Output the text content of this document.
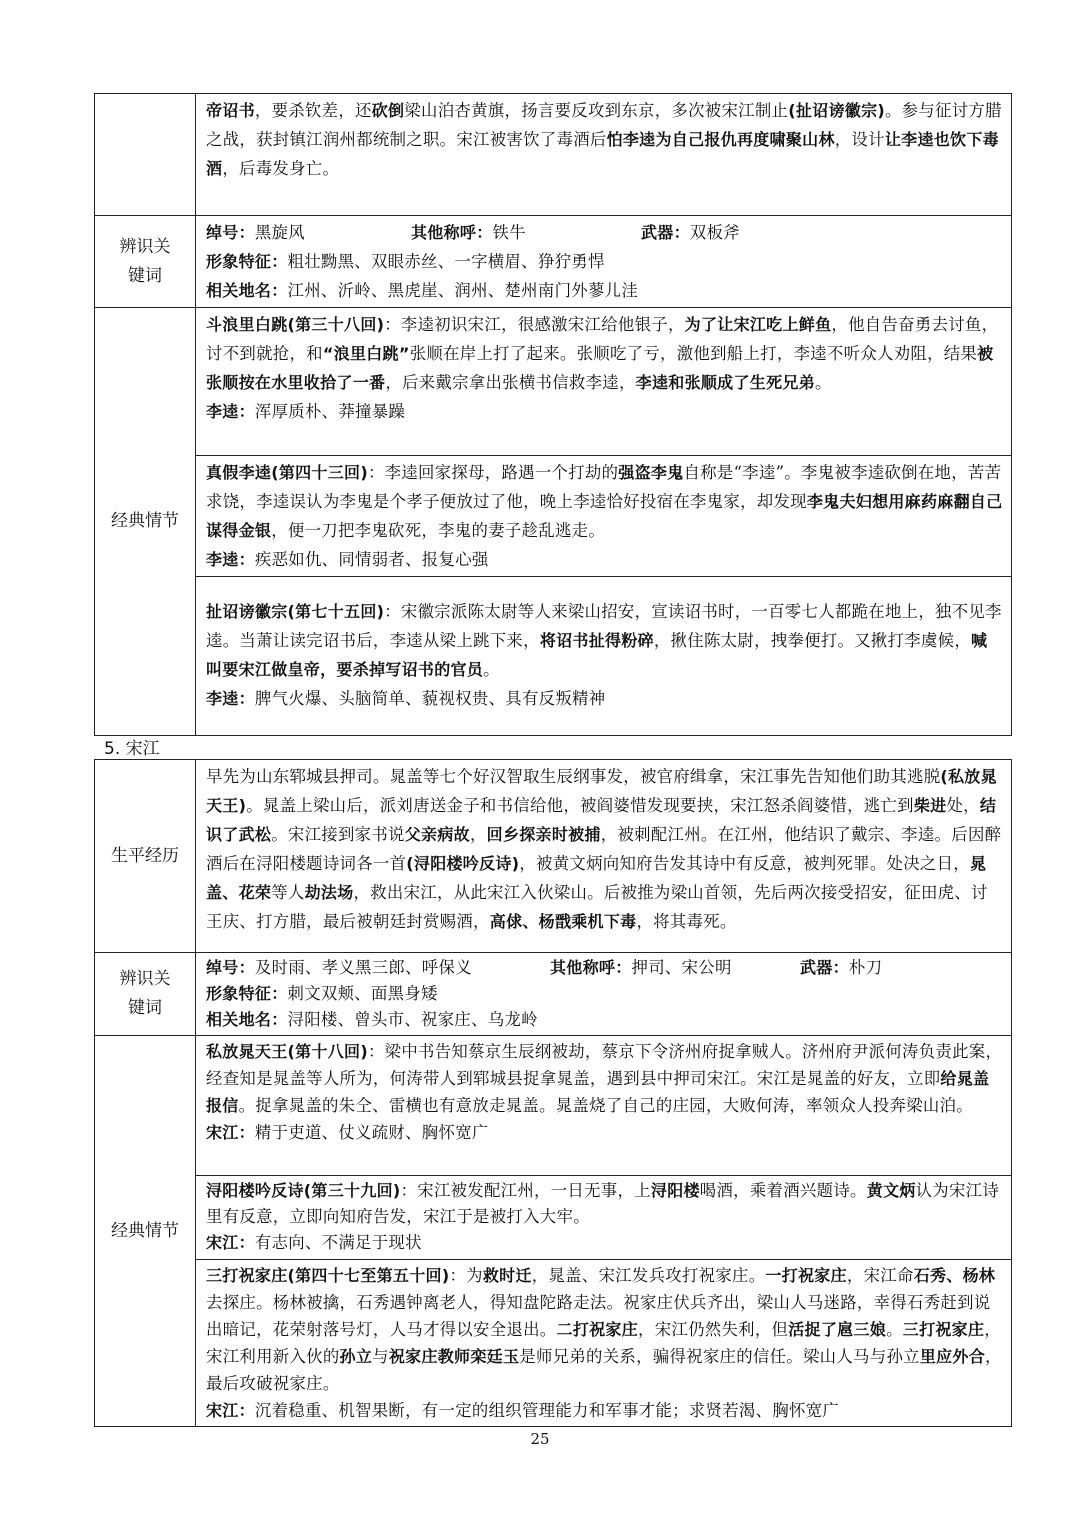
	帝诏书，要杀钦差，还砍倒梁山泊杏黄旗，扬言要反攻到东京，多次被宋江制止(扯诏谤徽宗)。参与征讨方腊之战，获封镇江润州都统制之职。宋江被害饮了毒酒后怕李逵为自己报仇再度啸聚山林，设计让李逵也饮下毒酒，后毒发身亡。
辨识关键词	绰号：黑旋风 其他称呼：铁牛 武器：双板斧
形象特征：粗壮黝黑、双眼赤丝、一字横眉、狰狞勇悍
相关地名：江州、沂岭、黑虎崖、润州、楚州南门外蓼儿洼

经典情节	斗浪里白跳(第三十八回)：李逵初识宋江，很感激宋江给他银子，为了让宋江吃上鲜鱼，他自告奋勇去讨鱼，讨不到就抢，和“浪里白跳”张顺在岸上打了起来。张顺吃了亏，激他到船上打，李逵不听众人劝阻，结果被张顺按在水里收拾了一番，后来戴宗拿出张横书信救李逵，李逵和张顺成了生死兄弟。
李逵：浑厚质朴、莽撞暴躁

	真假李逵(第四十三回)：李逵回家探母，路遇一个打劫的强盗李鬼自称是“李逵”。李鬼被李逵砍倒在地，苦苦求饶，李逵误认为李鬼是个孝子便放过了他，晚上李逵恰好投宿在李鬼家，却发现李鬼夫妇想用麻药麻翻自己谋得金银，便一刀把李鬼砍死，李鬼的妻子趁乱逃走。
李逵：疾恶如仇、同情弱者、报复心强

	扯诏谤徽宗(第七十五回)：宋徽宗派陈太尉等人来梁山招安，宣读诏书时，一百零七人都跪在地上，独不见李逵。当萧让读完诏书后，李逵从梁上跳下来，将诏书扯得粉碎，揪住陈太尉，拽拳便打。又揪打李虞候，喊叫要宋江做皇帝，要杀掉写诏书的官员。
李逵：脾气火爆、头脑简单、藐视权贵、具有反叛精神
5. 宋江
生平经历	早先为山东郓城县押司。晁盖等七个好汉智取生辰纲事发，被官府缉拿，宋江事先告知他们助其逃脱(私放晁天王)。晁盖上梁山后，派刘唐送金子和书信给他，被阎婆惜发现要挟，宋江怒杀阎婆惜，逃亡到柴进处，结识了武松。宋江接到家书说父亲病故，回乡探亲时被捕，被刺配江州。在江州，他结识了戴宗、李逵。后因醉酒后在浔阳楼题诗词各一首(浔阳楼吟反诗)，被黄文炳向知府告发其诗中有反意，被判死罪。处决之日，晁盖、花荣等人劫法场，救出宋江，从此宋江入伙梁山。后被推为梁山首领，先后两次接受招安，征田虎、讨王庆、打方腊，最后被朝廷封赏赐酒，高俅、杨戬乘机下毒，将其毒死。
辨识关键词	绰号：及时雨、孝义黑三郎、呼保义 其他称呼：押司、宋公明 武器：朴刀
形象特征：刺文双颊、面黑身矮
相关地名：浔阳楼、曾头市、祝家庄、乌龙岭

经典情节	私放晁天王(第十八回)：梁中书告知蔡京生辰纲被劫，蔡京下令济州府捉拿贼人。济州府尹派何涛负责此案，经查知是晁盖等人所为，何涛带人到郓城县捉拿晁盖，遇到县中押司宋江。宋江是晁盖的好友，立即给晁盖报信。捉拿晁盖的朱仝、雷横也有意放走晁盖。晁盖烧了自己的庄园，大败何涛，率领众人投奔梁山泊。
宋江：精于吏道、仗义疏财、胸怀宽广

	浔阳楼吟反诗(第三十九回)：宋江被发配江州，一日无事，上浔阳楼喝酒，乘着酒兴题诗。黄文炳认为宋江诗里有反意，立即向知府告发，宋江于是被打入大牢。
宋江：有志向、不满足于现状

	三打祝家庄(第四十七至第五十回)：为救时迁，晁盖、宋江发兵攻打祝家庄。一打祝家庄，宋江命石秀、杨林去探庄。杨林被擒，石秀遇钟离老人，得知盘陀路走法。祝家庄伏兵齐出，梁山人马迷路，幸得石秀赶到说出暗记，花荣射落号灯，人马才得以安全退出。二打祝家庄，宋江仍然失利，但活捉了扈三娘。三打祝家庄，宋江利用新入伙的孙立与祝家庄教师栾廷玉是师兄弟的关系，骗得祝家庄的信任。梁山人马与孙立里应外合，最后攻破祝家庄。
宋江：沉着稳重、机智果断，有一定的组织管理能力和军事才能；求贤若渴、胸怀宽广
25
